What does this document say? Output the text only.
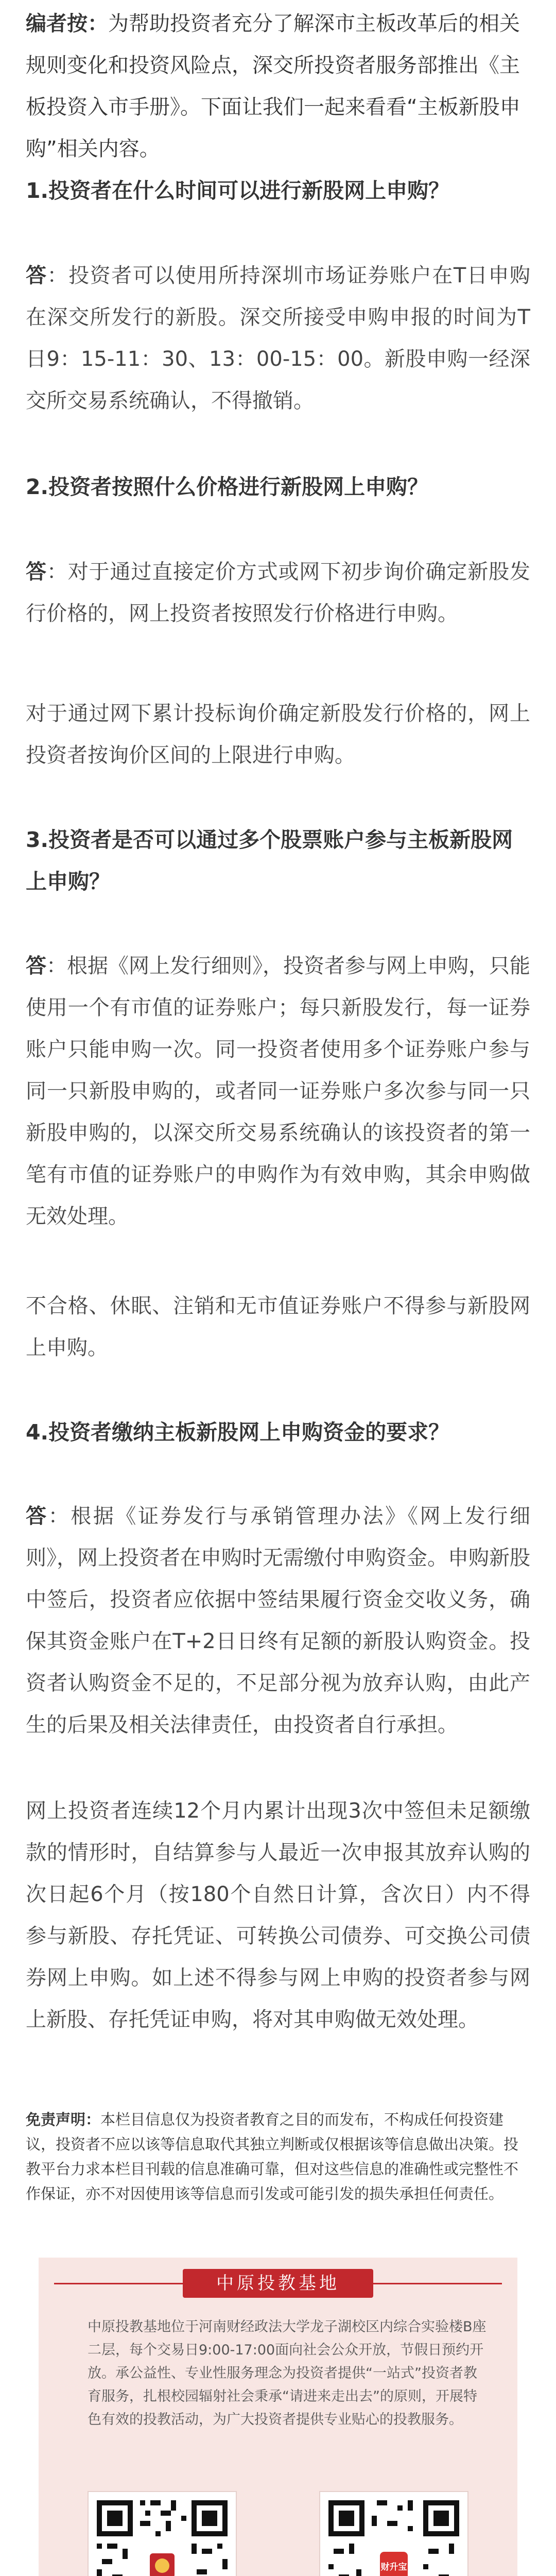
编者按：为帮助投资者充分了解深市主板改革后的相关规则变化和投资风险点，深交所投资者服务部推出《主板投资入市手册》。下面让我们一起来看看“主板新股申购”相关内容。

1.投资者在什么时间可以进行新股网上申购？

答：投资者可以使用所持深圳市场证券账户在T日申购在深交所发行的新股。深交所接受申购申报的时间为T日9：15-11：30、13：00-15：00。新股申购一经深交所交易系统确认，不得撤销。

2.投资者按照什么价格进行新股网上申购？

答：对于通过直接定价方式或网下初步询价确定新股发行价格的，网上投资者按照发行价格进行申购。

对于通过网下累计投标询价确定新股发行价格的，网上投资者按询价区间的上限进行申购。

3.投资者是否可以通过多个股票账户参与主板新股网上申购？

答：根据《网上发行细则》，投资者参与网上申购，只能使用一个有市值的证券账户；每只新股发行，每一证券账户只能申购一次。同一投资者使用多个证券账户参与同一只新股申购的，或者同一证券账户多次参与同一只新股申购的，以深交所交易系统确认的该投资者的第一笔有市值的证券账户的申购作为有效申购，其余申购做无效处理。

不合格、休眠、注销和无市值证券账户不得参与新股网上申购。

4.投资者缴纳主板新股网上申购资金的要求？

答：根据《证券发行与承销管理办法》《网上发行细则》，网上投资者在申购时无需缴付申购资金。申购新股中签后，投资者应依据中签结果履行资金交收义务，确保其资金账户在T+2日日终有足额的新股认购资金。投资者认购资金不足的，不足部分视为放弃认购，由此产生的后果及相关法律责任，由投资者自行承担。

网上投资者连续12个月内累计出现3次中签但未足额缴款的情形时，自结算参与人最近一次申报其放弃认购的次日起6个月（按180个自然日计算，含次日）内不得参与新股、存托凭证、可转换公司债券、可交换公司债券网上申购。如上述不得参与网上申购的投资者参与网上新股、存托凭证申购，将对其申购做无效处理。

免责声明：本栏目信息仅为投资者教育之目的而发布，不构成任何投资建议，投资者不应以该等信息取代其独立判断或仅根据该等信息做出决策。投教平台力求本栏目刊载的信息准确可靠，但对这些信息的准确性或完整性不作保证，亦不对因使用该等信息而引发或可能引发的损失承担任何责任。

中原投教基地

中原投教基地位于河南财经政法大学龙子湖校区内综合实验楼B座二层，每个交易日9:00-17:00面向社会公众开放，节假日预约开放。承公益性、专业性服务理念为投资者提供“一站式”投资者教育服务，扎根校园辐射社会秉承“请进来走出去”的原则，开展特色有效的投教活动，为广大投资者提供专业贴心的投教服务。

财升宝
